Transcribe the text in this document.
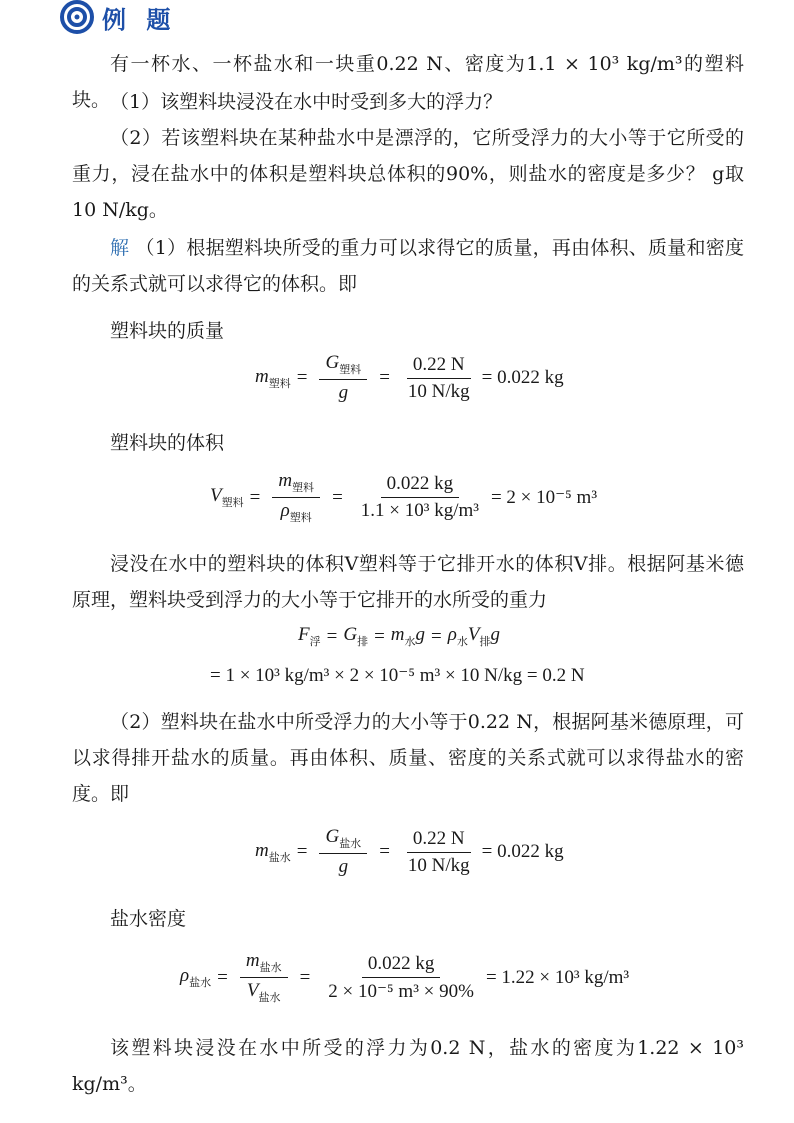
例 题
有一杯水、一杯盐水和一块重0.22 N、密度为1.1 × 10³ kg/m³的塑料块。 （1）该塑料块浸没在水中时受到多大的浮力？
（2）若该塑料块在某种盐水中是漂浮的，它所受浮力的大小等于它所受的重力，浸在盐水中的体积是塑料块总体积的90%，则盐水的密度是多少？ g取10 N/kg。
解 （1）根据塑料块所受的重力可以求得它的质量，再由体积、质量和密度的关系式就可以求得它的体积。即
塑料块的质量
$m_{塑料} = \frac{G_{塑料}}{g} = \frac{0.22 N}{10 N/kg} = 0.022$ kg
塑料块的体积
$V_{塑料} = \frac{m_{塑料}}{\rho_{塑料}} = \frac{0.022 kg}{\text{1.1 × 10³ kg/m³}} = 2 \times 10^{-5}$ m³
浸没在水中的塑料块的体积V塑料等于它排开水的体积V排。根据阿基米德原理，塑料块受到浮力的大小等于它排开的水所受的重力
$F_浮 = G_排 = m_水g = \rho_水V_排g$
= 1 × 10³ kg/m³ × 2 × 10⁻⁵ m³ × 10 N/kg = 0.2 N
（2）塑料块在盐水中所受浮力的大小等于0.22 N，根据阿基米德原理，可以求得排开盐水的质量。再由体积、质量、密度的关系式就可以求得盐水的密度。即
$m_{盐水} = \frac{G_{盐水}}{g} = \frac{0.22 N}{10 N/kg} = 0.022$ kg
盐水密度
$\rho_{盐水} = \frac{m_{盐水}}{V_{盐水}} = \frac{0.022 kg}{\text{2 × 10⁻⁵ m³ × 90\%}} = 1.22 \times 10^3$ kg/m³
该塑料块浸没在水中所受的浮力为0.2 N，盐水的密度为1.22 × 10³ kg/m³。
